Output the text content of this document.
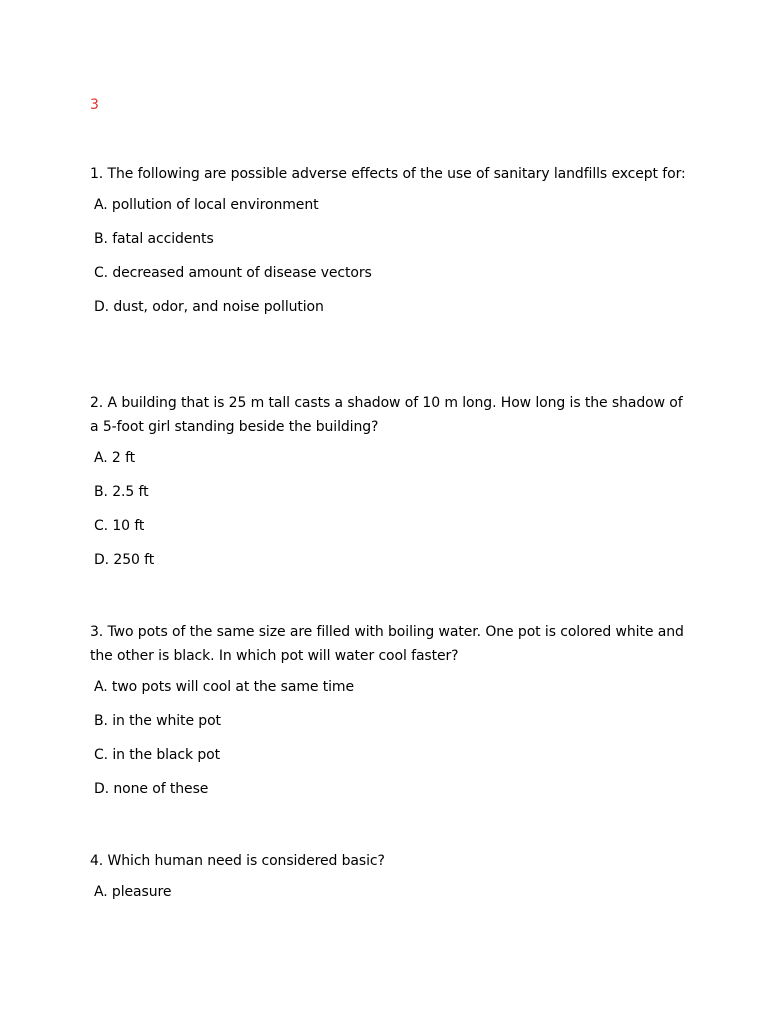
3

1. The following are possible adverse effects of the use of sanitary landfills except for:

A. pollution of local environment
B. fatal accidents
C. decreased amount of disease vectors
D. dust, odor, and noise pollution

2. A building that is 25 m tall casts a shadow of 10 m long. How long is the shadow of a 5-foot girl standing beside the building?

A. 2 ft
B. 2.5 ft
C. 10 ft
D. 250 ft

3. Two pots of the same size are filled with boiling water. One pot is colored white and the other is black. In which pot will water cool faster?

A. two pots will cool at the same time
B. in the white pot
C. in the black pot
D. none of these

4. Which human need is considered basic?

A. pleasure
